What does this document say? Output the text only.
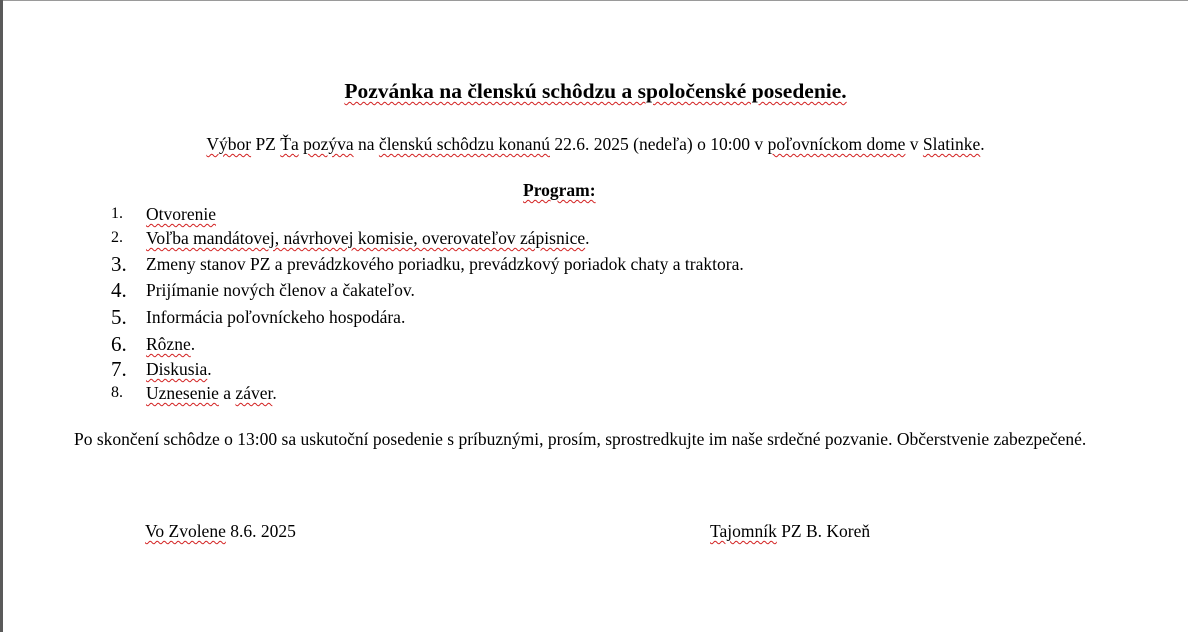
Pozvánka na členskú schôdzu a spoločenské posedenie.
Výbor PZ Ťa pozýva na členskú schôdzu konanú 22.6. 2025 (nedeľa) o 10:00 v poľovníckom dome v Slatinke.
Program:
1. Otvorenie
2. Voľba mandátovej, návrhovej komisie, overovateľov zápisnice.
3. Zmeny stanov PZ a prevádzkového poriadku, prevádzkový poriadok chaty a traktora.
4. Prijímanie nových členov a čakateľov.
5. Informácia poľovníckeho hospodára.
6. Rôzne.
7. Diskusia.
8. Uznesenie a záver.
Po skončení schôdze o 13:00 sa uskutoční posedenie s príbuznými, prosím, sprostredkujte im naše srdečné pozvanie. Občerstvenie zabezpečené.
Vo Zvolene 8.6. 2025	Tajomník PZ B. Koreň
